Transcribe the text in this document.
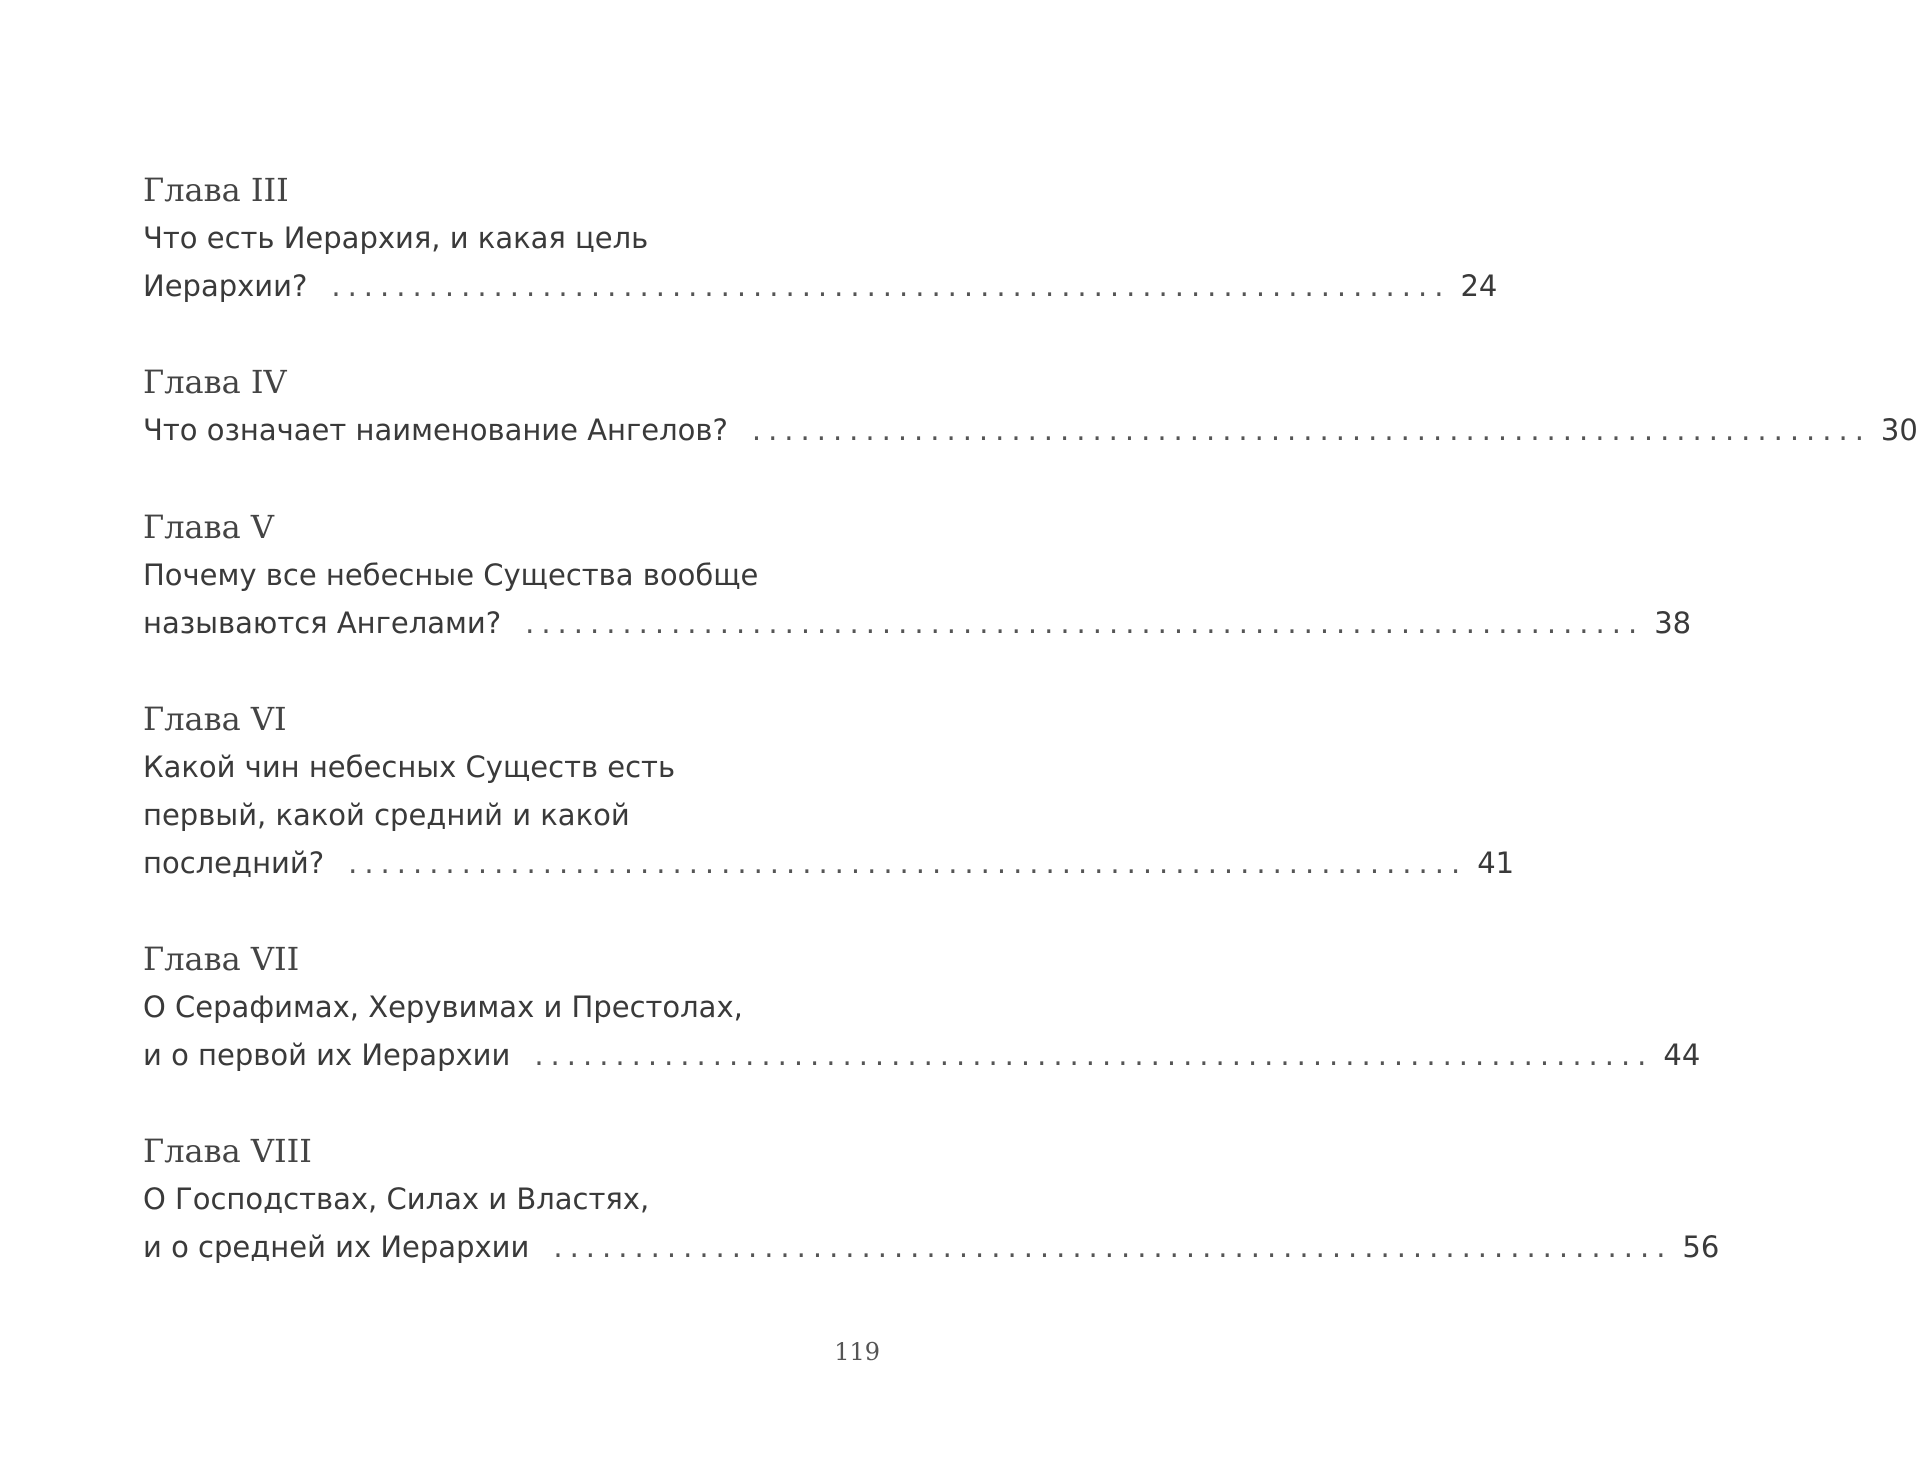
Глава III
Что есть Иерархия, и какая цель
Иерархии? ..................................................................... 24
Глава IV
Что означает наименование Ангелов? ..................................................................... 30
Глава V
Почему все небесные Существа вообще
называются Ангелами? ..................................................................... 38
Глава VI
Какой чин небесных Существ есть
первый, какой средний и какой
последний? ..................................................................... 41
Глава VII
О Серафимах, Херувимах и Престолах,
и о первой их Иерархии ..................................................................... 44
Глава VIII
О Господствах, Силах и Властях,
и о средней их Иерархии ..................................................................... 56
119
